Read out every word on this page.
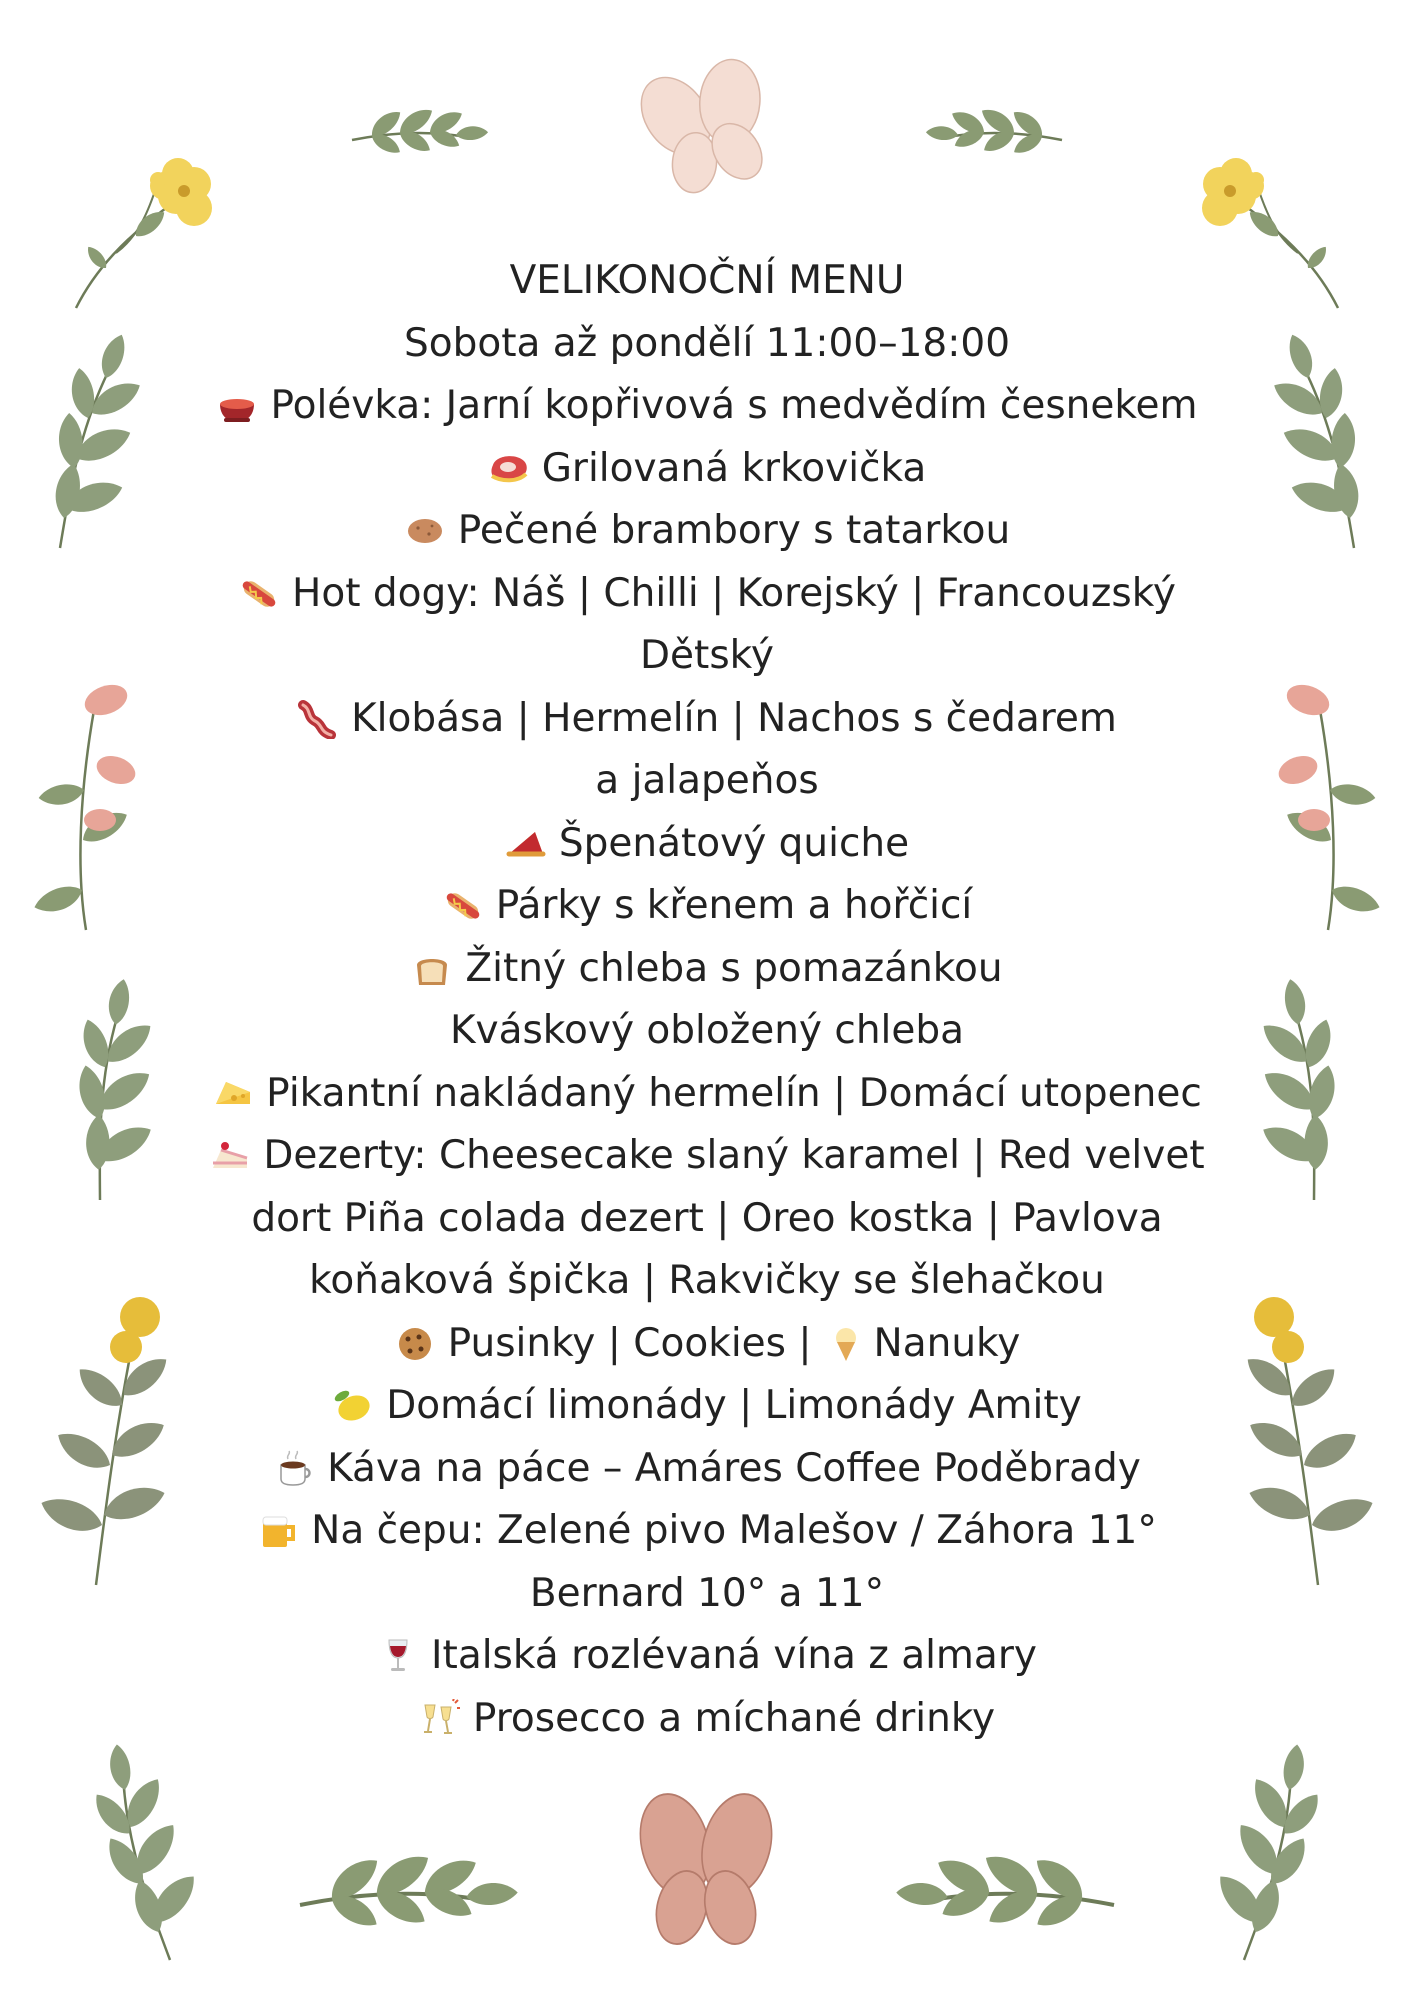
VELIKONOČNÍ MENU
Sobota až pondělí 11:00–18:00
Polévka: Jarní kopřivová s medvědím česnekem
Grilovaná krkovička
Pečené brambory s tatarkou
Hot dogy: Náš | Chilli | Korejský | Francouzský
Dětský
Klobása | Hermelín | Nachos s čedarem
a jalapeňos
Špenátový quiche
Párky s křenem a hořčicí
Žitný chleba s pomazánkou
Kváskový obložený chleba
Pikantní nakládaný hermelín | Domácí utopenec
Dezerty: Cheesecake slaný karamel | Red velvet
dort Piña colada dezert | Oreo kostka | Pavlova
koňaková špička | Rakvičky se šlehačkou
Pusinky | Cookies | Nanuky
Domácí limonády | Limonády Amity
Káva na páce – Amáres Coffee Poděbrady
Na čepu: Zelené pivo Malešov / Záhora 11°
Bernard 10° a 11°
Italská rozlévaná vína z almary
Prosecco a míchané drinky
